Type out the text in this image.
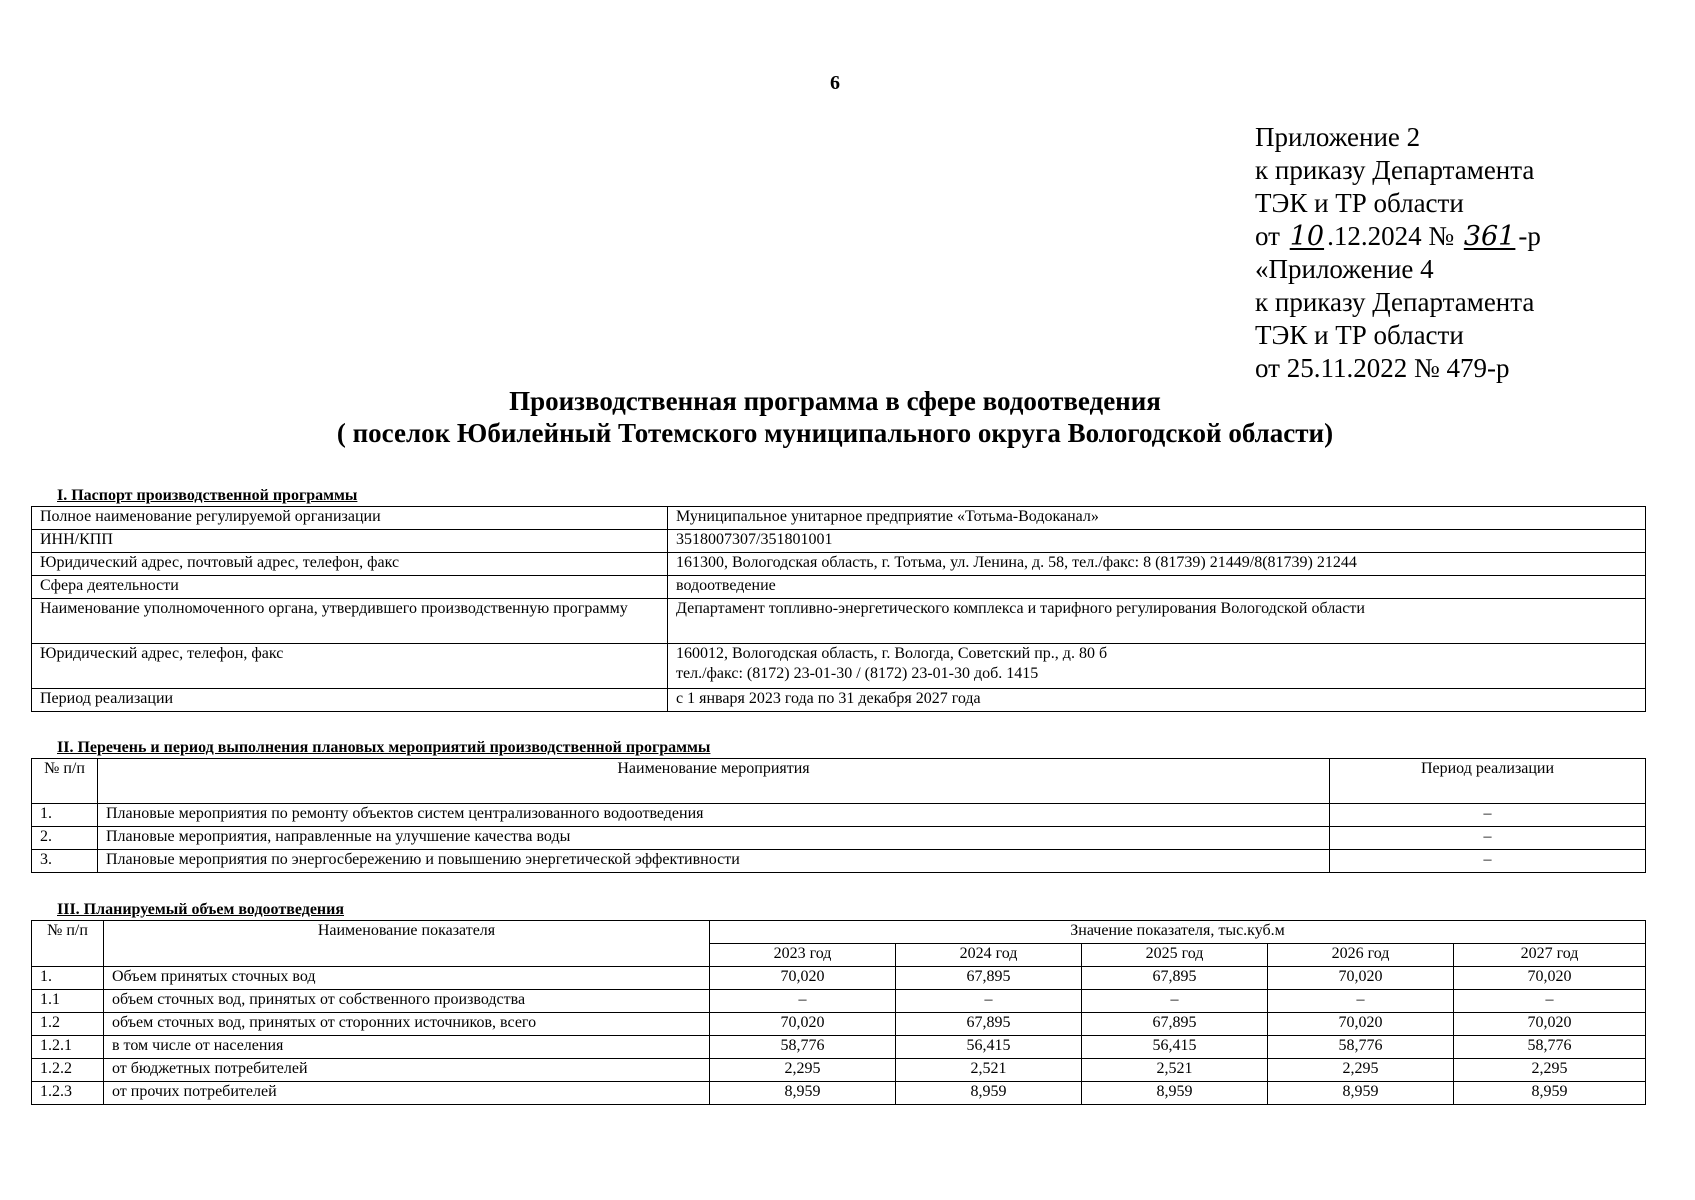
6
Приложение 2
к приказу Департамента
ТЭК и ТР области
от 10 .12.2024 № 361 -р
«Приложение 4
к приказу Департамента
ТЭК и ТР области
от 25.11.2022 № 479-р
Производственная программа в сфере водоотведения
( поселок Юбилейный Тотемского муниципального округа Вологодской области)
I. Паспорт производственной программы
Полное наименование регулируемой организации	Муниципальное унитарное предприятие «Тотьма-Водоканал»
ИНН/КПП	3518007307/351801001
Юридический адрес, почтовый адрес, телефон, факс	161300, Вологодская область, г. Тотьма, ул. Ленина, д. 58, тел./факс: 8 (81739) 21449/8(81739) 21244
Сфера деятельности	водоотведение
Наименование уполномоченного органа, утвердившего производственную программу	Департамент топливно-энергетического комплекса и тарифного регулирования Вологодской области
Юридический адрес, телефон, факс	160012, Вологодская область, г. Вологда, Советский пр., д. 80 б
тел./факс: (8172) 23-01-30 / (8172) 23-01-30 доб. 1415

Период реализации	с 1 января 2023 года по 31 декабря 2027 года
II. Перечень и период выполнения плановых мероприятий производственной программы
№ п/п	Наименование мероприятия	Период реализации
1.	Плановые мероприятия по ремонту объектов систем централизованного водоотведения	–
2.	Плановые мероприятия, направленные на улучшение качества воды	–
3.	Плановые мероприятия по энергосбережению и повышению энергетической эффективности	–
III. Планируемый объем водоотведения
№ п/п	Наименование показателя	Значение показателя, тыс.куб.м				
		2023 год	2024 год	2025 год	2026 год	2027 год
1.	Объем принятых сточных вод	70,020	67,895	67,895	70,020	70,020
1.1	объем сточных вод, принятых от собственного производства	–	–	–	–	–
1.2	объем сточных вод, принятых от сторонних источников, всего	70,020	67,895	67,895	70,020	70,020
1.2.1	в том числе от населения	58,776	56,415	56,415	58,776	58,776
1.2.2	от бюджетных потребителей	2,295	2,521	2,521	2,295	2,295
1.2.3	от прочих потребителей	8,959	8,959	8,959	8,959	8,959
